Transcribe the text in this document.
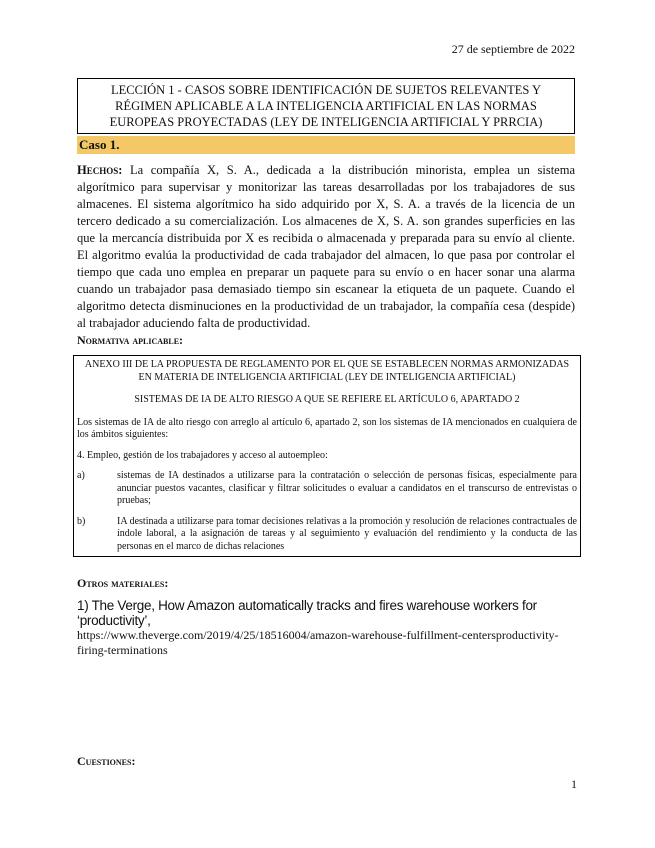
27 de septiembre de 2022
LECCIÓN 1 - CASOS SOBRE IDENTIFICACIÓN DE SUJETOS RELEVANTES Y
RÉGIMEN APLICABLE A LA INTELIGENCIA ARTIFICIAL EN LAS NORMAS
EUROPEAS PROYECTADAS (LEY DE INTELIGENCIA ARTIFICIAL Y PRRCIA)
Caso 1.
Hechos: La compañía X, S. A., dedicada a la distribución minorista, emplea un sistema algorítmico para supervisar y monitorizar las tareas desarrolladas por los trabajadores de sus almacenes. El sistema algorítmico ha sido adquirido por X, S. A. a través de la licencia de un tercero dedicado a su comercialización. Los almacenes de X, S. A. son grandes superficies en las que la mercancía distribuida por X es recibida o almacenada y preparada para su envío al cliente. El algoritmo evalúa la productividad de cada trabajador del almacen, lo que pasa por controlar el tiempo que cada uno emplea en preparar un paquete para su envío o en hacer sonar una alarma cuando un trabajador pasa demasiado tiempo sin escanear la etiqueta de un paquete. Cuando el algoritmo detecta disminuciones en la productividad de un trabajador, la compañía cesa (despide) al trabajador aduciendo falta de productividad.
Normativa aplicable:

ANEXO III DE LA PROPUESTA DE REGLAMENTO POR EL QUE SE ESTABLECEN NORMAS ARMONIZADAS EN MATERIA DE INTELIGENCIA ARTIFICIAL (LEY DE INTELIGENCIA ARTIFICIAL)

SISTEMAS DE IA DE ALTO RIESGO A QUE SE REFIERE EL ARTÍCULO 6, APARTADO 2

Los sistemas de IA de alto riesgo con arreglo al artículo 6, apartado 2, son los sistemas de IA mencionados en cualquiera de los ámbitos siguientes:

4. Empleo, gestión de los trabajadores y acceso al autoempleo:

a)	sistemas de IA destinados a utilizarse para la contratación o selección de personas físicas, especialmente para anunciar puestos vacantes, clasificar y filtrar solicitudes o evaluar a candidatos en el transcurso de entrevistas o pruebas;
b)	IA destinada a utilizarse para tomar decisiones relativas a la promoción y resolución de relaciones contractuales de índole laboral, a la asignación de tareas y al seguimiento y evaluación del rendimiento y la conducta de las personas en el marco de dichas relaciones
Otros materiales:
1) The Verge, How Amazon automatically tracks and fires warehouse workers for ‘productivity’,
https://www.theverge.com/2019/4/25/18516004/amazon-warehouse-fulfillment-centersproductivity-firing-terminations
Cuestiones:
1
